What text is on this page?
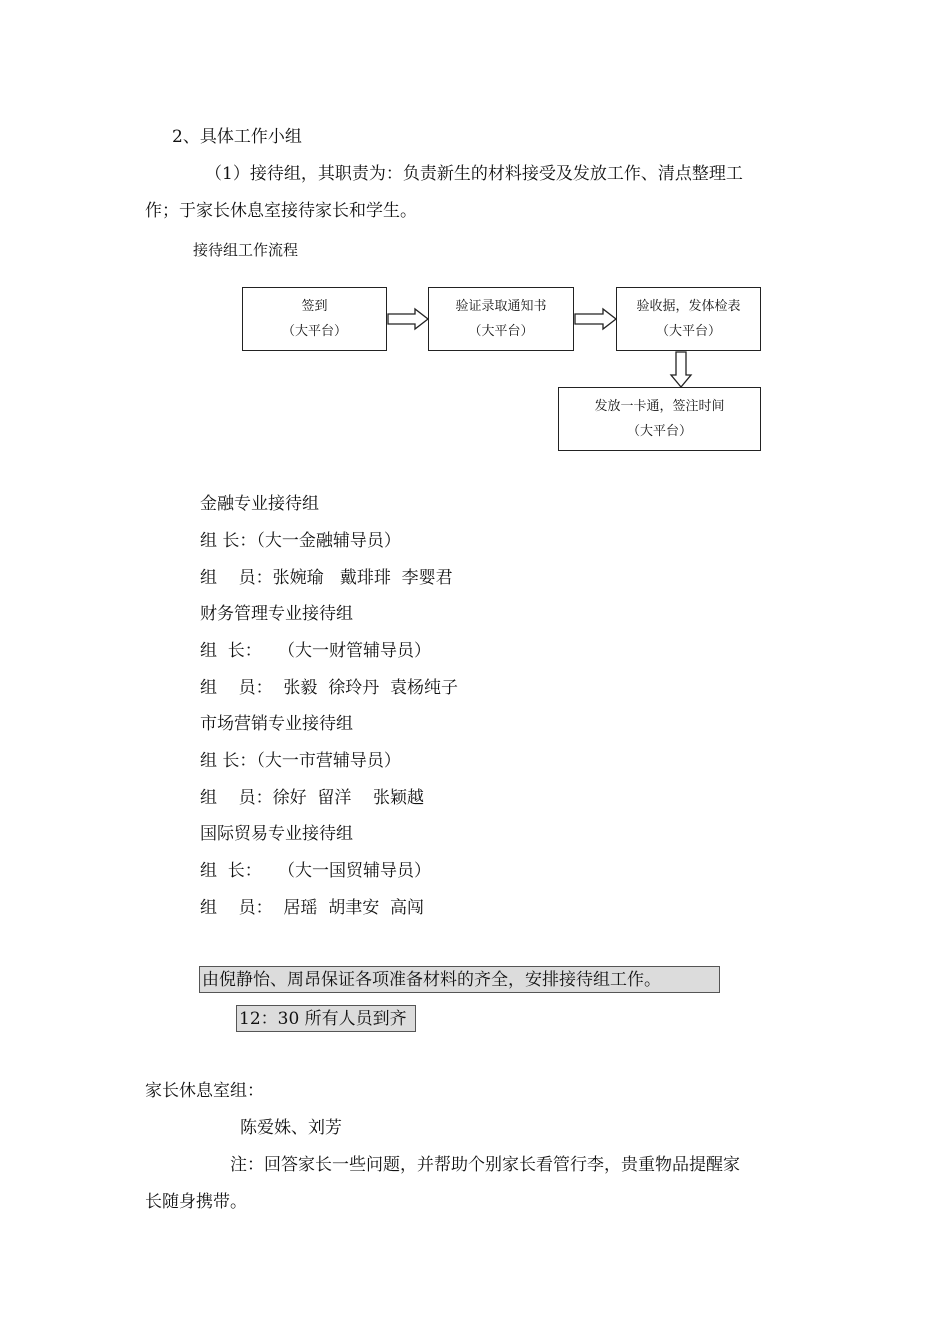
2、具体工作小组
（1）接待组，其职责为：负责新生的材料接受及发放工作、清点整理工
作；于家长休息室接待家长和学生。
接待组工作流程
签到
（大平台）
验证录取通知书
（大平台）
验收据，发体检表
（大平台）
发放一卡通，签注时间
（大平台）
金融专业接待组
组 长：（大一金融辅导员）
组    员：张婉瑜   戴琲琲  李婴君
财务管理专业接待组
组  长：   （大一财管辅导员）
组    员：  张毅  徐玲丹  袁杨纯子
市场营销专业接待组
组 长：（大一市营辅导员）
组    员：徐好  留洋    张颖越
国际贸易专业接待组
组  长：   （大一国贸辅导员）
组    员：  居瑶  胡聿安  高闯
由倪静怡、周昂保证各项准备材料的齐全，安排接待组工作。
12：30 所有人员到齐
家长休息室组：
陈爱姝、刘芳
注：回答家长一些问题，并帮助个别家长看管行李，贵重物品提醒家
长随身携带。
